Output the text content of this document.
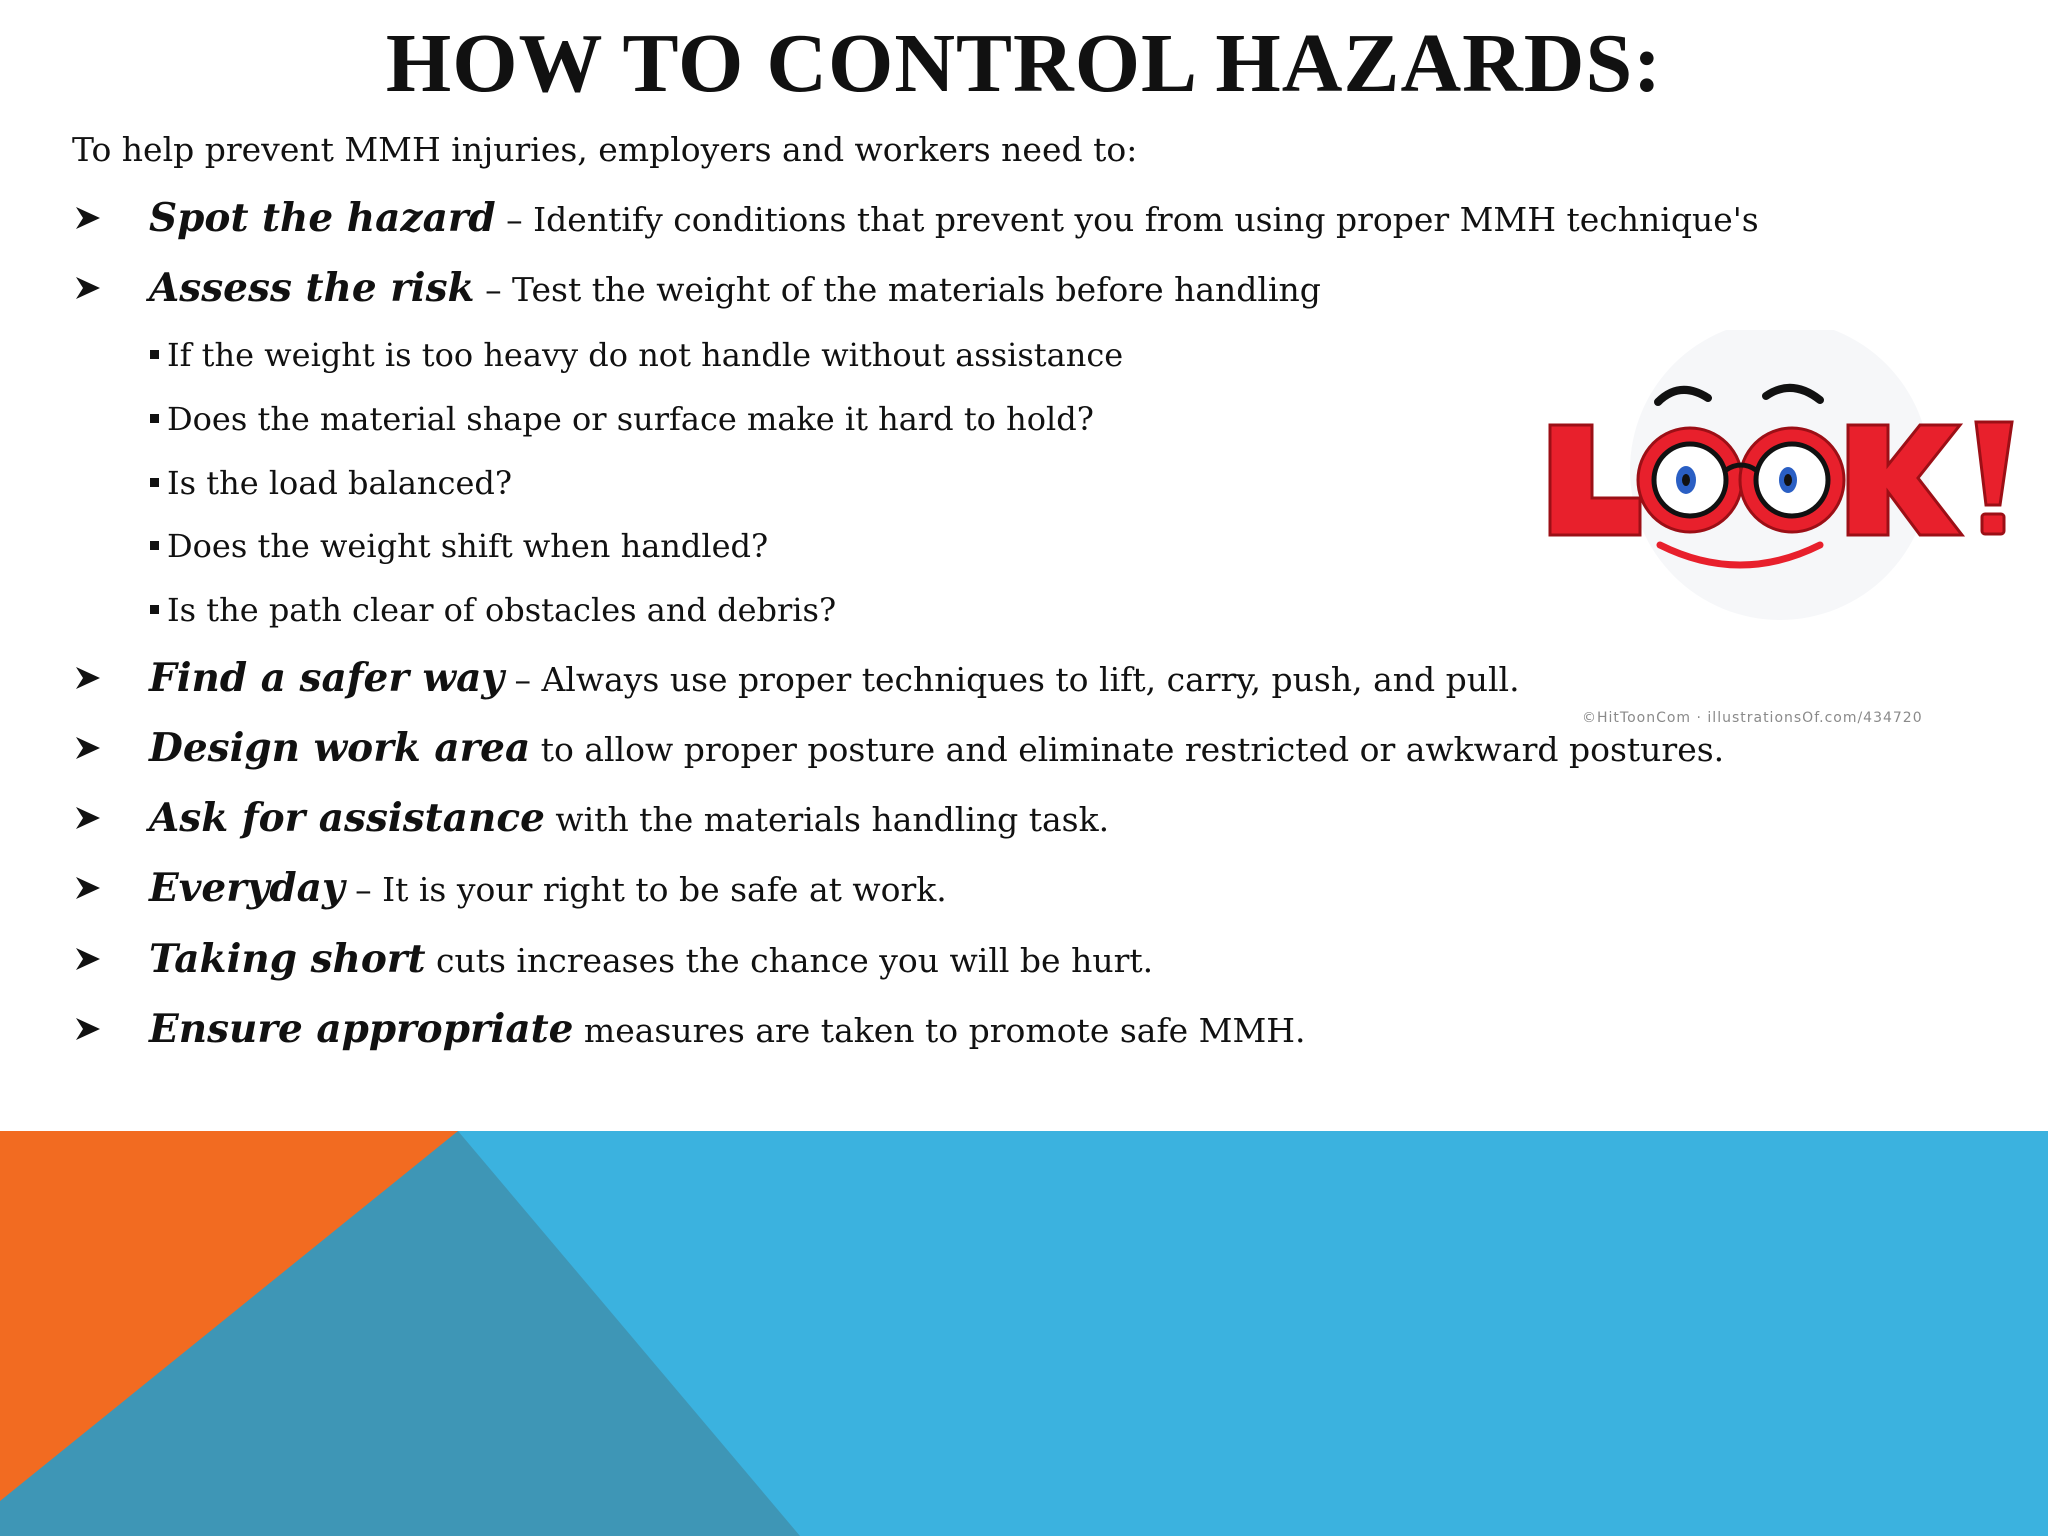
HOW TO CONTROL HAZARDS:
To help prevent MMH injuries, employers and workers need to:
Spot the hazard – Identify conditions that prevent you from using proper MMH technique's
Assess the risk – Test the weight of the materials before handling
If the weight is too heavy do not handle without assistance
Does the material shape or surface make it hard to hold?
Is the load balanced?
Does the weight shift when handled?
Is the path clear of obstacles and debris?
Find a safer way – Always use proper techniques to lift, carry, push, and pull.
Design work area to allow proper posture and eliminate restricted or awkward postures.
Ask for assistance with the materials handling task.
Everyday – It is your right to be safe at work.
Taking short cuts increases the chance you will be hurt.
Ensure appropriate measures are taken to promote safe MMH.
©HitToonCom · illustrationsOf.com/434720
